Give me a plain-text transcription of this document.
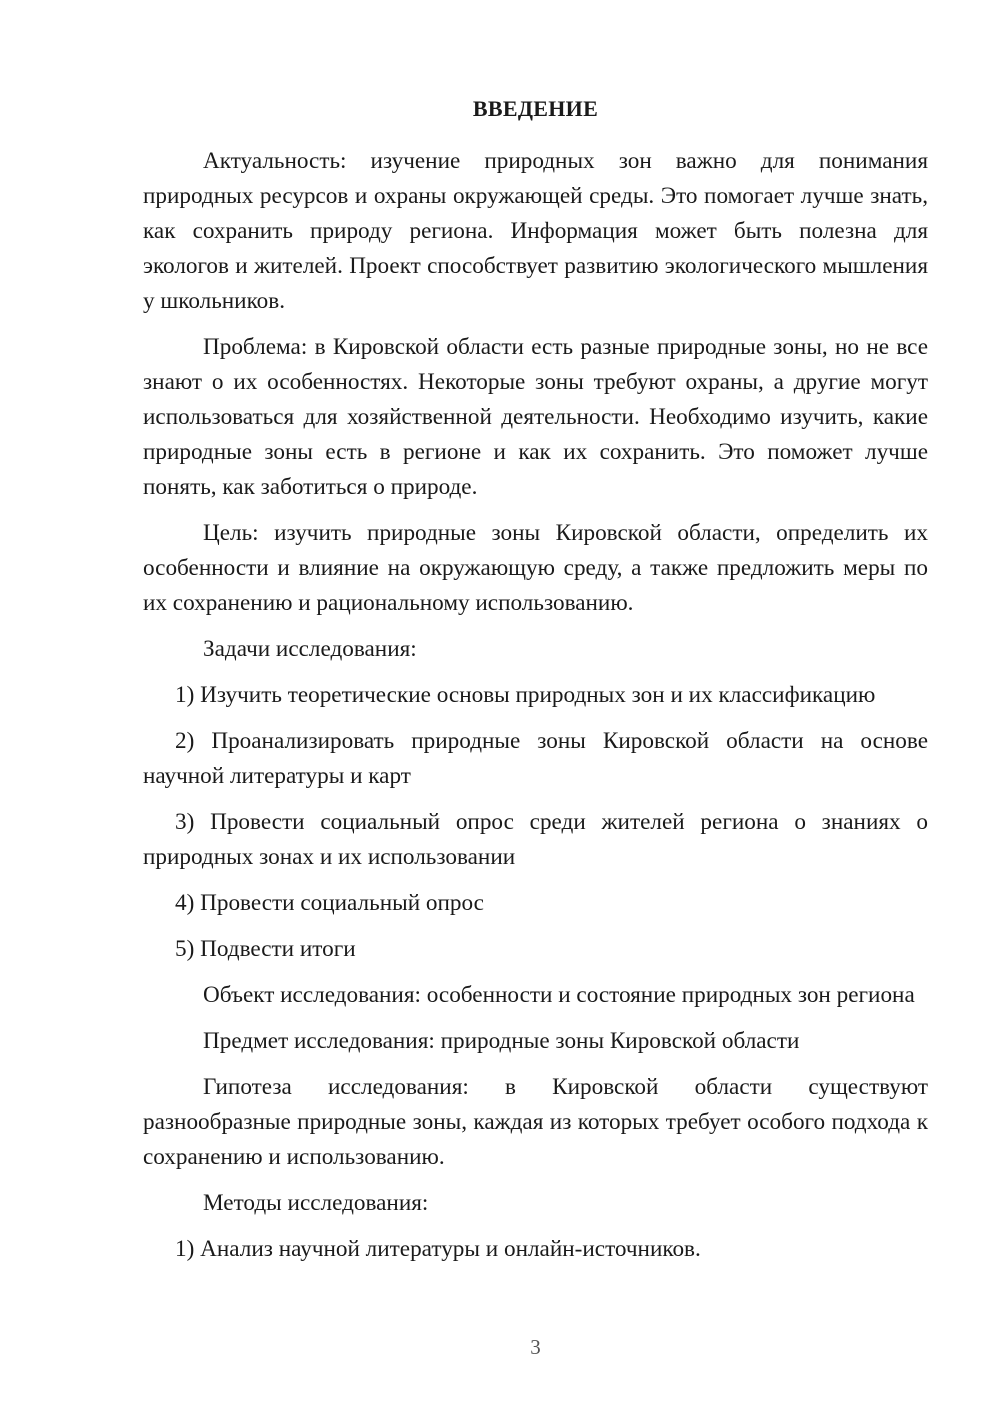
ВВЕДЕНИЕ

Актуальность: изучение природных зон важно для понимания природных ресурсов и охраны окружающей среды. Это помогает лучше знать, как сохранить природу региона. Информация может быть полезна для экологов и жителей. Проект способствует развитию экологического мышления у школьников.

Проблема: в Кировской области есть разные природные зоны, но не все знают о их особенностях. Некоторые зоны требуют охраны, а другие могут использоваться для хозяйственной деятельности. Необходимо изучить, какие природные зоны есть в регионе и как их сохранить. Это поможет лучше понять, как заботиться о природе.

Цель: изучить природные зоны Кировской области, определить их особенности и влияние на окружающую среду, а также предложить меры по их сохранению и рациональному использованию.

Задачи исследования:

1) Изучить теоретические основы природных зон и их классификацию

2) Проанализировать природные зоны Кировской области на основе научной литературы и карт

3) Провести социальный опрос среди жителей региона о знаниях о природных зонах и их использовании

4) Провести социальный опрос

5) Подвести итоги

Объект исследования: особенности и состояние природных зон региона

Предмет исследования: природные зоны Кировской области

Гипотеза исследования: в Кировской области существуют разнообразные природные зоны, каждая из которых требует особого подхода к сохранению и использованию.

Методы исследования:

1) Анализ научной литературы и онлайн-источников.

3
